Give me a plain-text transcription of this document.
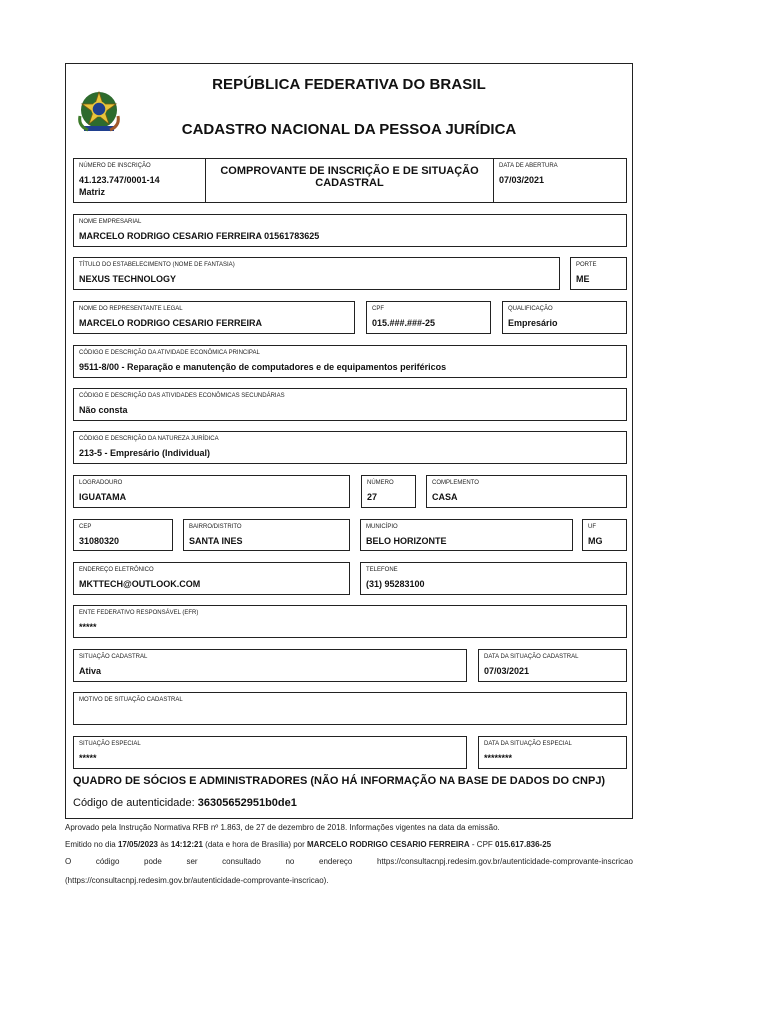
REPÚBLICA FEDERATIVA DO BRASIL
CADASTRO NACIONAL DA PESSOA JURÍDICA
NÚMERO DE INSCRIÇÃO
41.123.747/0001-14
Matriz
COMPROVANTE DE INSCRIÇÃO E DE SITUAÇÃO CADASTRAL
DATA DE ABERTURA
07/03/2021
NOME EMPRESARIAL
MARCELO RODRIGO CESARIO FERREIRA 01561783625
TÍTULO DO ESTABELECIMENTO (NOME DE FANTASIA)
NEXUS TECHNOLOGY
PORTE
ME
NOME DO REPRESENTANTE LEGAL
MARCELO RODRIGO CESARIO FERREIRA
CPF
015.###.###-25
QUALIFICAÇÃO
Empresário
CÓDIGO E DESCRIÇÃO DA ATIVIDADE ECONÔMICA PRINCIPAL
9511-8/00 - Reparação e manutenção de computadores e de equipamentos periféricos
CÓDIGO E DESCRIÇÃO DAS ATIVIDADES ECONÔMICAS SECUNDÁRIAS
Não consta
CÓDIGO E DESCRIÇÃO DA NATUREZA JURÍDICA
213-5 - Empresário (Individual)
LOGRADOURO
IGUATAMA
NÚMERO
27
COMPLEMENTO
CASA
CEP
31080320
BAIRRO/DISTRITO
SANTA INES
MUNICÍPIO
BELO HORIZONTE
UF
MG
ENDEREÇO ELETRÔNICO
MKTTECH@OUTLOOK.COM
TELEFONE
(31) 95283100
ENTE FEDERATIVO RESPONSÁVEL (EFR)
*****
SITUAÇÃO CADASTRAL
Ativa
DATA DA SITUAÇÃO CADASTRAL
07/03/2021
MOTIVO DE SITUAÇÃO CADASTRAL
SITUAÇÃO ESPECIAL
*****
DATA DA SITUAÇÃO ESPECIAL
********
QUADRO DE SÓCIOS E ADMINISTRADORES (NÃO HÁ INFORMAÇÃO NA BASE DE DADOS DO CNPJ)
Código de autenticidade: 36305652951b0de1
Aprovado pela Instrução Normativa RFB nº 1.863, de 27 de dezembro de 2018. Informações vigentes na data da emissão.
Emitido no dia 17/05/2023 às 14:12:21 (data e hora de Brasília) por MARCELO RODRIGO CESARIO FERREIRA - CPF 015.617.836-25
O	código	pode	ser	consultado	no	endereço	https://consultacnpj.redesim.gov.br/autenticidade-comprovante-inscricao
(https://consultacnpj.redesim.gov.br/autenticidade-comprovante-inscricao).
